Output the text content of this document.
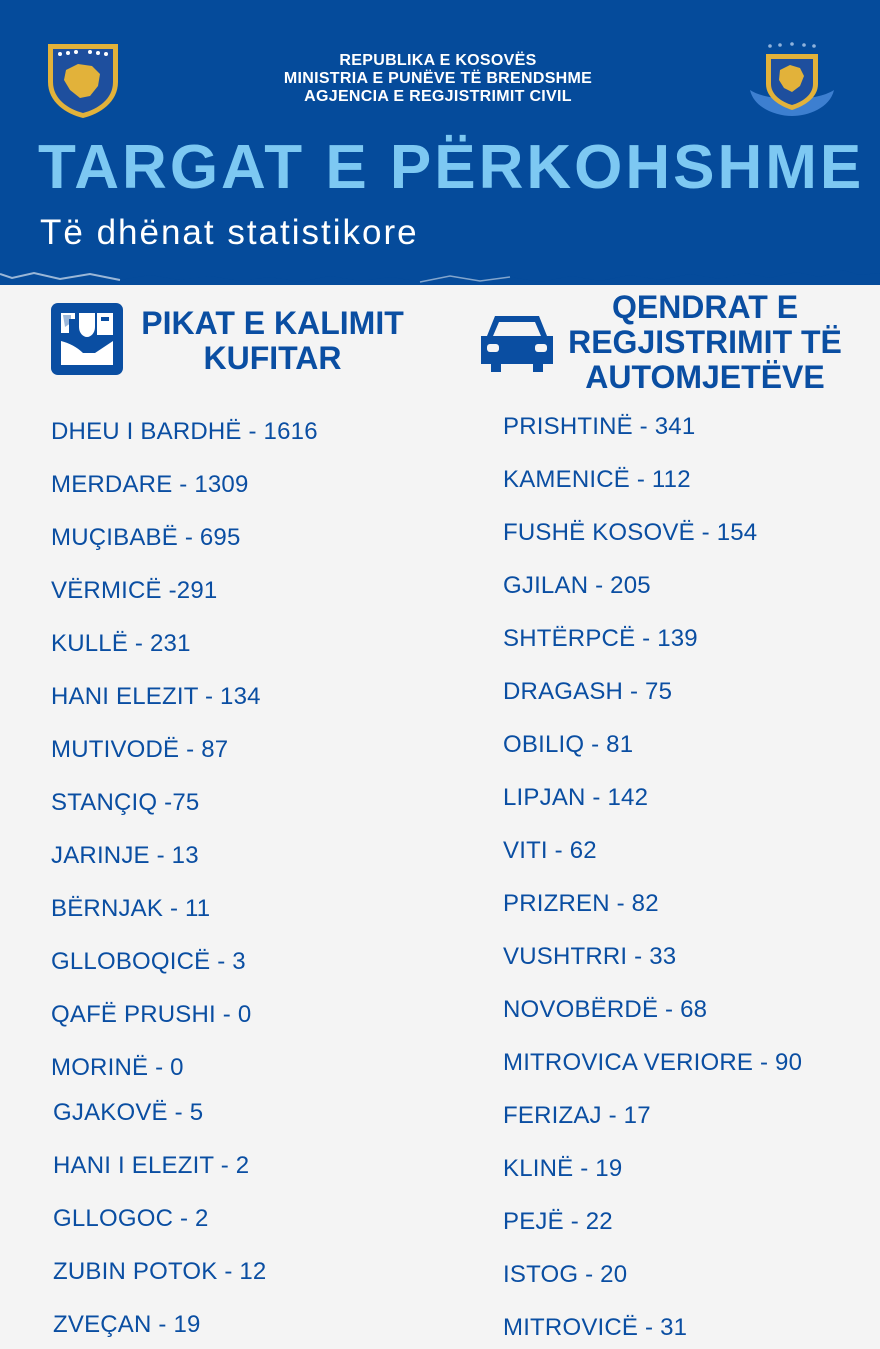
REPUBLIKA E KOSOVËS
MINISTRIA E PUNËVE TË BRENDSHME
AGJENCIA E REGJISTRIMIT CIVIL
TARGAT E PËRKOHSHME
Të dhënat statistikore
PIKAT E KALIMIT KUFITAR
QENDRAT E REGJISTRIMIT TË AUTOMJETËVE
DHEU I BARDHË - 1616
MERDARE - 1309
MUÇIBABË - 695
VËRMICË -291
KULLË - 231
HANI ELEZIT - 134
MUTIVODË - 87
STANÇIQ -75
JARINJE - 13
BËRNJAK - 11
GLLOBOQICË - 3
QAFË PRUSHI - 0
MORINË - 0
GJAKOVË - 5
HANI I ELEZIT - 2
GLLOGOC - 2
ZUBIN POTOK - 12
ZVEÇAN - 19
PRISHTINË - 341
KAMENICË - 112
FUSHË KOSOVË - 154
GJILAN - 205
SHTËRPCË - 139
DRAGASH - 75
OBILIQ - 81
LIPJAN - 142
VITI - 62
PRIZREN - 82
VUSHTRRI - 33
NOVOBËRDË - 68
MITROVICA VERIORE - 90
FERIZAJ - 17
KLINË - 19
PEJË - 22
ISTOG - 20
MITROVICË - 31
